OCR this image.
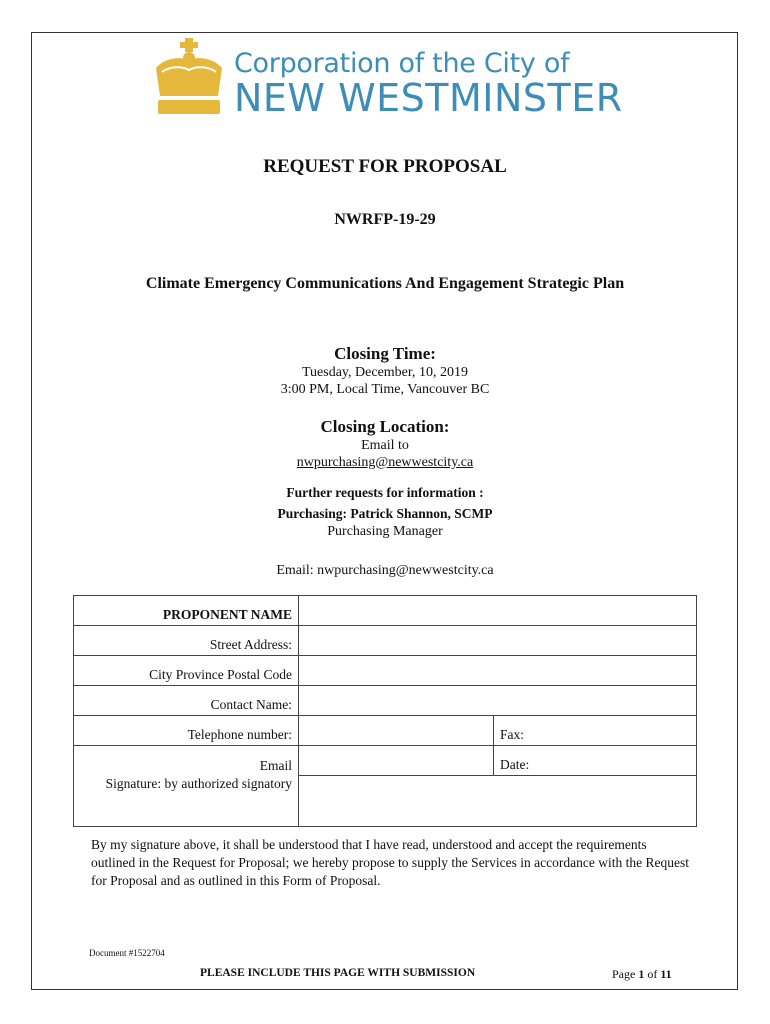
Corporation of the City of
NEW WESTMINSTER
REQUEST FOR PROPOSAL
NWRFP-19-29
Climate Emergency Communications And Engagement Strategic Plan
Closing Time:
Tuesday, December, 10, 2019
3:00 PM, Local Time, Vancouver BC
Closing Location:
Email to
nwpurchasing@newwestcity.ca
Further requests for information :
Purchasing: Patrick Shannon, SCMP
Purchasing Manager
Email: nwpurchasing@newwestcity.ca
PROPONENT NAME		
Street Address:		
City Province Postal Code		
Contact Name:		
Telephone number:		Fax:
Email		Date:
Signature: by authorized signatory		
By my signature above, it shall be understood that I have read, understood and accept the requirements outlined in the Request for Proposal; we hereby propose to supply the Services in accordance with the Request for Proposal and as outlined in this Form of Proposal.
Document #1522704
PLEASE INCLUDE THIS PAGE WITH SUBMISSION	Page 1 of 11
